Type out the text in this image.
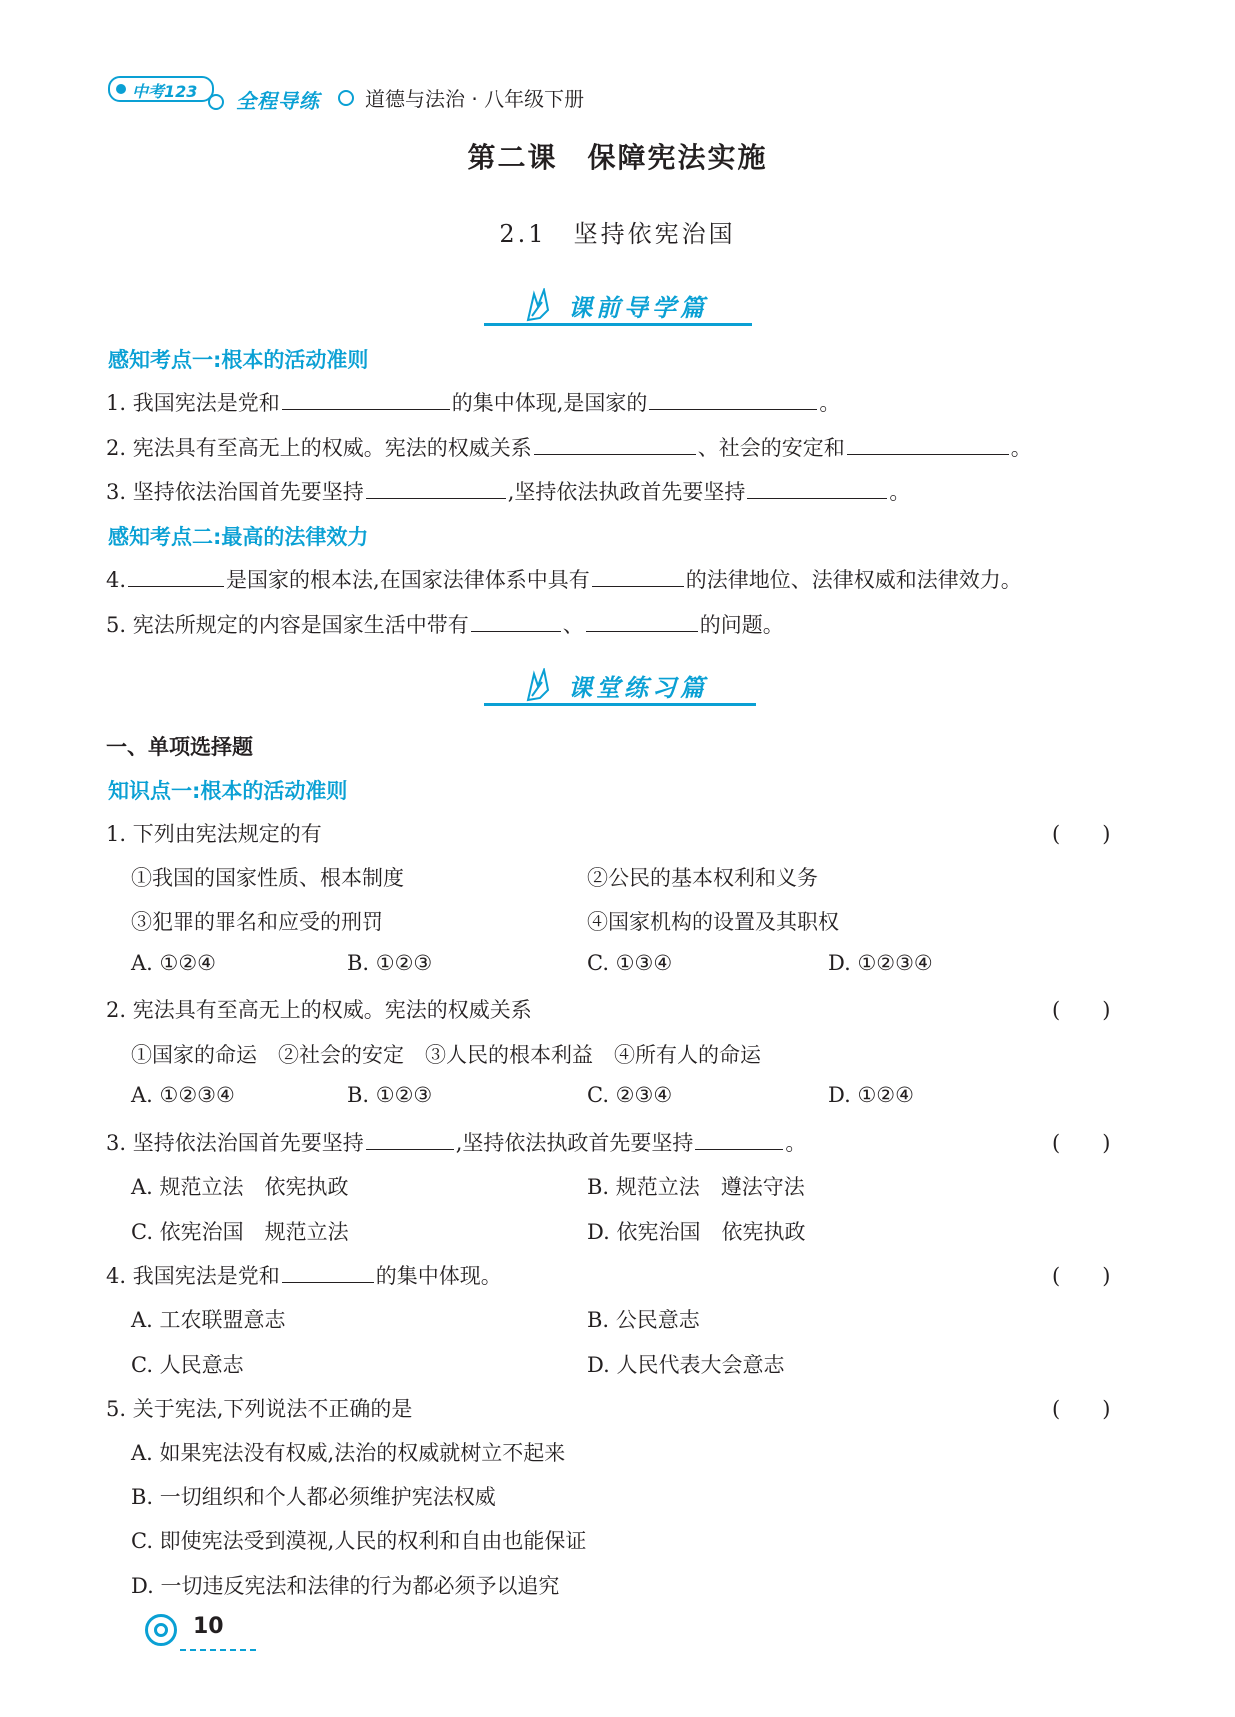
中考123 全程导练 道德与法治 · 八年级下册
第二课　保障宪法实施
2.1　坚持依宪治国
课前导学篇
感知考点一:根本的活动准则
1. 我国宪法是党和	的集中体现,是国家的	。
2. 宪法具有至高无上的权威。宪法的权威关系	、社会的安定和	。
3. 坚持依法治国首先要坚持	,坚持依法执政首先要坚持	。
感知考点二:最高的法律效力
4.	是国家的根本法,在国家法律体系中具有	的法律地位、法律权威和法律效力。
5. 宪法所规定的内容是国家生活中带有	、	的问题。
课堂练习篇
一、单项选择题
知识点一:根本的活动准则
1. 下列由宪法规定的有	(　　)
①我国的国家性质、根本制度	②公民的基本权利和义务
③犯罪的罪名和应受的刑罚	④国家机构的设置及其职权
A. ①②④	B. ①②③	C. ①③④	D. ①②③④
2. 宪法具有至高无上的权威。宪法的权威关系	(　　)
①国家的命运　②社会的安定　③人民的根本利益　④所有人的命运
A. ①②③④	B. ①②③	C. ②③④	D. ①②④
3. 坚持依法治国首先要坚持	,坚持依法执政首先要坚持	。	(　　)
A. 规范立法　依宪执政	B. 规范立法　遵法守法
C. 依宪治国　规范立法	D. 依宪治国　依宪执政
4. 我国宪法是党和	的集中体现。	(　　)
A. 工农联盟意志	B. 公民意志
C. 人民意志	D. 人民代表大会意志
5. 关于宪法,下列说法不正确的是	(　　)
A. 如果宪法没有权威,法治的权威就树立不起来
B. 一切组织和个人都必须维护宪法权威
C. 即使宪法受到漠视,人民的权利和自由也能保证
D. 一切违反宪法和法律的行为都必须予以追究
10
